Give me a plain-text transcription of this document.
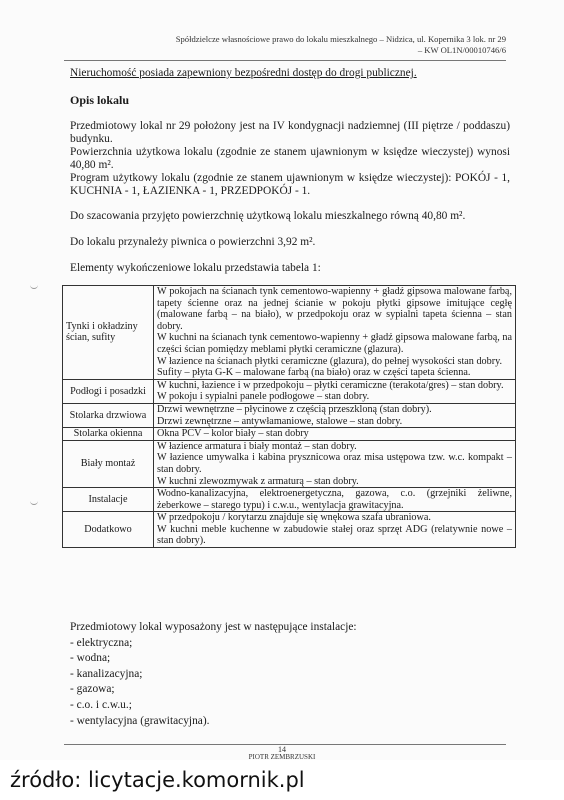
Spółdzielcze własnościowe prawo do lokalu mieszkalnego – Nidzica, ul. Kopernika 3 lok. nr 29
– KW OL1N/00010746/6
Nieruchomość posiada zapewniony bezpośredni dostęp do drogi publicznej.
Opis lokalu
Przedmiotowy lokal nr 29 położony jest na IV kondygnacji nadziemnej (III piętrze / poddaszu) budynku.
Powierzchnia użytkowa lokalu (zgodnie ze stanem ujawnionym w księdze wieczystej) wynosi 40,80 m².
Program użytkowy lokalu (zgodnie ze stanem ujawnionym w księdze wieczystej): POKÓJ - 1, KUCHNIA - 1, ŁAZIENKA - 1, PRZEDPOKÓJ - 1.
Do szacowania przyjęto powierzchnię użytkową lokalu mieszkalnego równą 40,80 m².
Do lokalu przynależy piwnica o powierzchni 3,92 m².
Elementy wykończeniowe lokalu przedstawia tabela 1:
Tynki i okładziny ścian, sufity	W pokojach na ścianach tynk cementowo-wapienny + gładź gipsowa malowane farbą, tapety ścienne oraz na jednej ścianie w pokoju płytki gipsowe imitujące cegłę (malowane farbą – na biało), w przedpokoju oraz w sypialni tapeta ścienna – stan dobry.
W kuchni na ścianach tynk cementowo-wapienny + gładź gipsowa malowane farbą, na części ścian pomiędzy meblami płytki ceramiczne (glazura).
W łazience na ścianach płytki ceramiczne (glazura), do pełnej wysokości stan dobry.
Sufity – płyta G-K – malowane farbą (na biało) oraz w części tapeta ścienna.

Podłogi i posadzki	W kuchni, łazience i w przedpokoju – płytki ceramiczne (terakota/gres) – stan dobry.
W pokoju i sypialni panele podłogowe – stan dobry.

Stolarka drzwiowa	Drzwi wewnętrzne – płycinowe z częścią przeszkloną (stan dobry).
Drzwi zewnętrzne – antywłamaniowe, stalowe – stan dobry.

Stolarka okienna	Okna PCV – kolor biały – stan dobry

Biały montaż	W łazience armatura i biały montaż – stan dobry.
W łazience umywalka i kabina prysznicowa oraz misa ustępowa tzw. w.c. kompakt – stan dobry.
W kuchni zlewozmywak z armaturą – stan dobry.

Instalacje	Wodno-kanalizacyjna, elektroenergetyczna, gazowa, c.o. (grzejniki żeliwne, żeberkowe – starego typu) i c.w.u., wentylacja grawitacyjna.

Dodatkowo	W przedpokoju / korytarzu znajduje się wnękowa szafa ubraniowa.
W kuchni meble kuchenne w zabudowie stałej oraz sprzęt ADG (relatywnie nowe – stan dobry).
Przedmiotowy lokal wyposażony jest w następujące instalacje:
- elektryczna;
- wodna;
- kanalizacyjna;
- gazowa;
- c.o. i c.w.u.;
- wentylacyjna (grawitacyjna).
14
PIOTR ZEMBRZUSKI
źródło: licytacje.komornik.pl
